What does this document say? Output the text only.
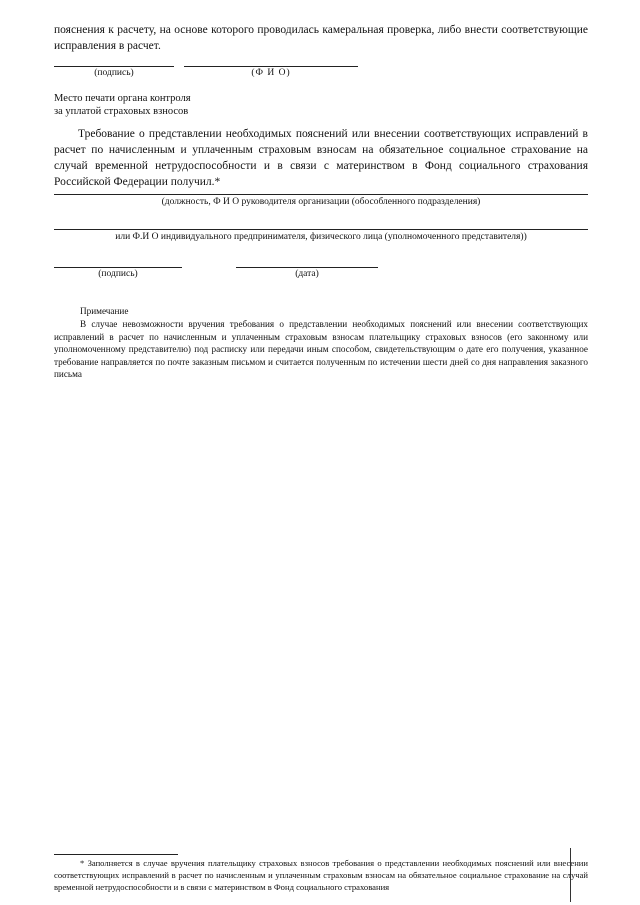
пояснения к расчету, на основе которого проводилась камеральная проверка, либо внести соответствующие исправления в расчет.
(подпись)	(Ф И О)
Место печати органа контроля
за уплатой страховых взносов
Требование о представлении необходимых пояснений или внесении соответствующих исправлений в расчет по начисленным и уплаченным страховым взносам на обязательное социальное страхование на случай временной нетрудоспособности и в связи с материнством в Фонд социального страхования Российской Федерации получил.*
(должность, Ф И О руководителя организации (обособленного подразделения)
или Ф.И О индивидуального предпринимателя, физического лица (уполномоченного представителя))
(подпись)	(дата)
Примечание
В случае невозможности вручения требования о представлении необходимых пояснений или внесении соответствующих исправлений в расчет по начисленным и уплаченным страховым взносам плательщику страховых взносов (его законному или уполномоченному представителю) под расписку или передачи иным способом, свидетельствующим о дате его получения, указанное требование направляется по почте заказным письмом и считается полученным по истечении шести дней со дня направления заказного письма
* Заполняется в случае вручения плательщику страховых взносов требования о представлении необходимых пояснений или внесении соответствующих исправлений в расчет по начисленным и уплаченным страховым взносам на обязательное социальное страхование на случай временной нетрудоспособности и в связи с материнством в Фонд социального страхования
